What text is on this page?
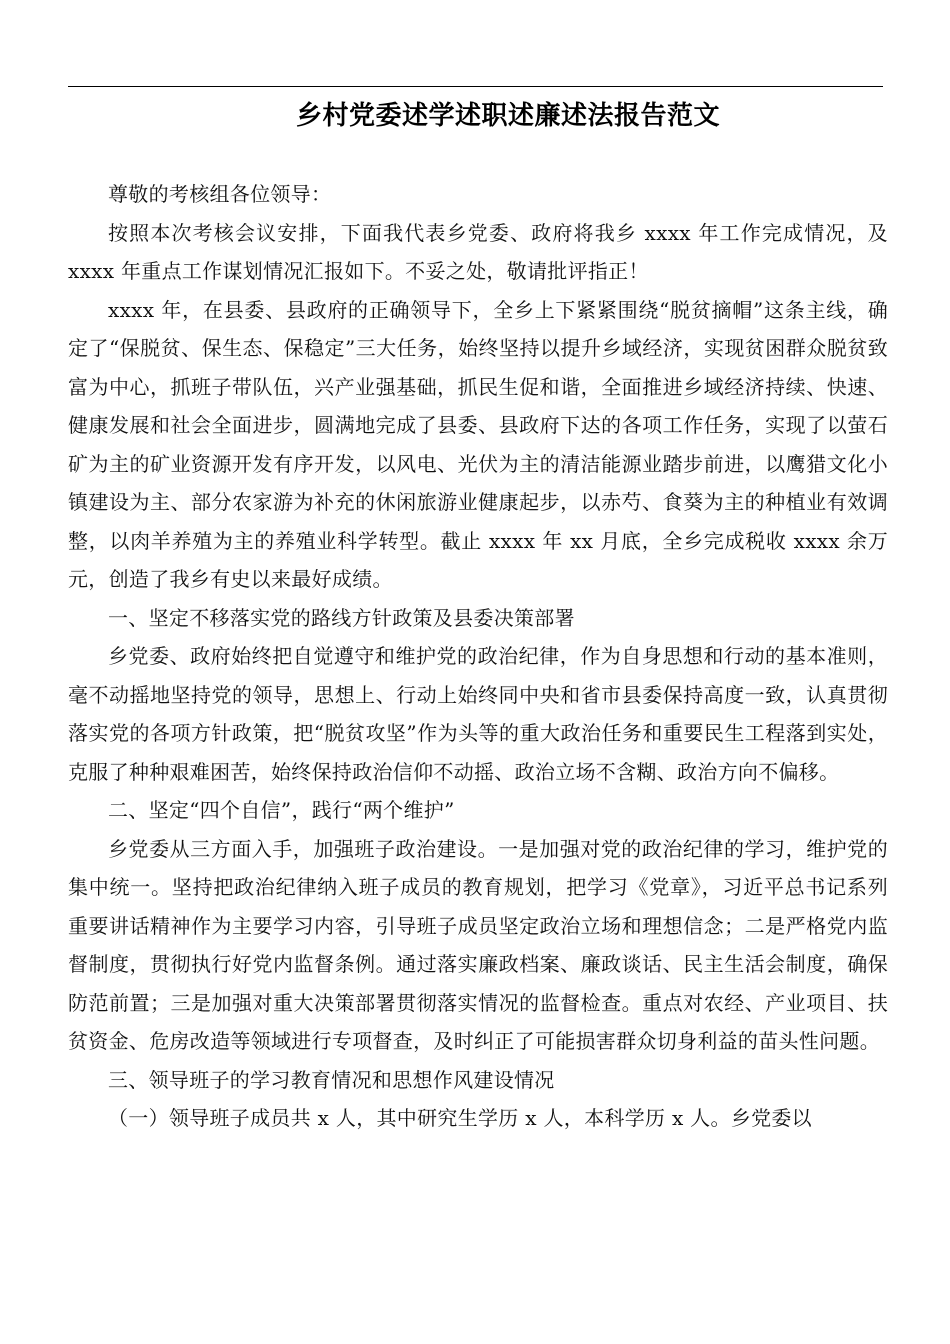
乡村党委述学述职述廉述法报告范文

尊敬的考核组各位领导：

按照本次考核会议安排，下面我代表乡党委、政府将我乡 xxxx 年工作完成情况，及 xxxx 年重点工作谋划情况汇报如下。不妥之处，敬请批评指正！

xxxx 年，在县委、县政府的正确领导下，全乡上下紧紧围绕“脱贫摘帽”这条主线，确定了“保脱贫、保生态、保稳定”三大任务，始终坚持以提升乡域经济，实现贫困群众脱贫致富为中心，抓班子带队伍，兴产业强基础，抓民生促和谐，全面推进乡域经济持续、快速、健康发展和社会全面进步，圆满地完成了县委、县政府下达的各项工作任务，实现了以萤石矿为主的矿业资源开发有序开发，以风电、光伏为主的清洁能源业踏步前进，以鹰猎文化小镇建设为主、部分农家游为补充的休闲旅游业健康起步，以赤芍、食葵为主的种植业有效调整，以肉羊养殖为主的养殖业科学转型。截止 xxxx 年 xx 月底，全乡完成税收 xxxx 余万元，创造了我乡有史以来最好成绩。

一、坚定不移落实党的路线方针政策及县委决策部署

乡党委、政府始终把自觉遵守和维护党的政治纪律，作为自身思想和行动的基本准则，毫不动摇地坚持党的领导，思想上、行动上始终同中央和省市县委保持高度一致，认真贯彻落实党的各项方针政策，把“脱贫攻坚”作为头等的重大政治任务和重要民生工程落到实处，克服了种种艰难困苦，始终保持政治信仰不动摇、政治立场不含糊、政治方向不偏移。

二、坚定“四个自信”，践行“两个维护”

乡党委从三方面入手，加强班子政治建设。一是加强对党的政治纪律的学习，维护党的集中统一。坚持把政治纪律纳入班子成员的教育规划，把学习《党章》，习近平总书记系列重要讲话精神作为主要学习内容，引导班子成员坚定政治立场和理想信念；二是严格党内监督制度，贯彻执行好党内监督条例。通过落实廉政档案、廉政谈话、民主生活会制度，确保防范前置；三是加强对重大决策部署贯彻落实情况的监督检查。重点对农经、产业项目、扶贫资金、危房改造等领域进行专项督查，及时纠正了可能损害群众切身利益的苗头性问题。

三、领导班子的学习教育情况和思想作风建设情况

（一）领导班子成员共 x 人，其中研究生学历 x 人，本科学历 x 人。乡党委以
